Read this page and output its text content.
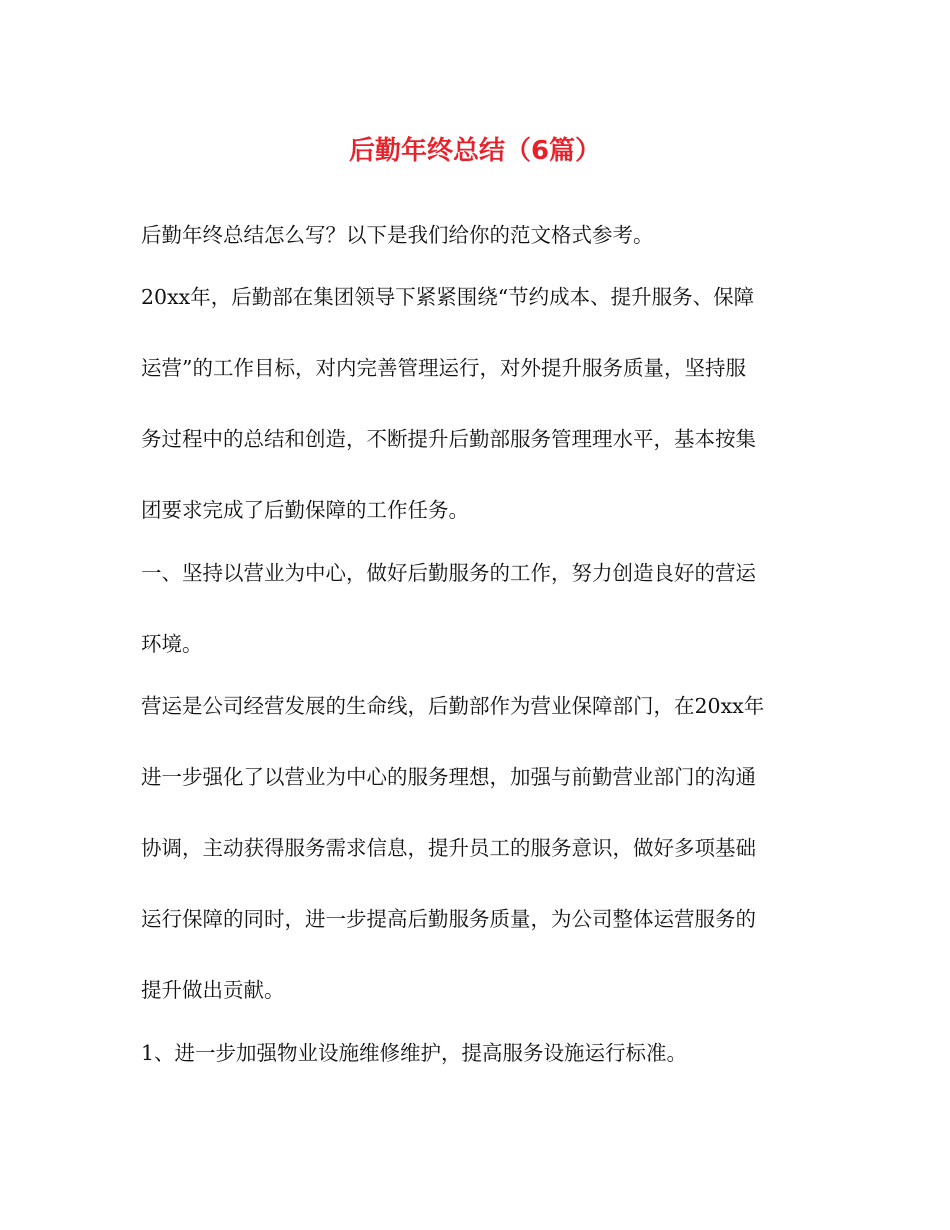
后勤年终总结（6篇）
后勤年终总结怎么写？以下是我们给你的范文格式参考。
20xx年，后勤部在集团领导下紧紧围绕“节约成本、提升服务、保障
运营”的工作目标，对内完善管理运行，对外提升服务质量，坚持服
务过程中的总结和创造，不断提升后勤部服务管理理水平，基本按集
团要求完成了后勤保障的工作任务。
一、坚持以营业为中心，做好后勤服务的工作，努力创造良好的营运
环境。
营运是公司经营发展的生命线，后勤部作为营业保障部门，在20xx年
进一步强化了以营业为中心的服务理想，加强与前勤营业部门的沟通
协调，主动获得服务需求信息，提升员工的服务意识，做好多项基础
运行保障的同时，进一步提高后勤服务质量，为公司整体运营服务的
提升做出贡献。
1、进一步加强物业设施维修维护，提高服务设施运行标准。
